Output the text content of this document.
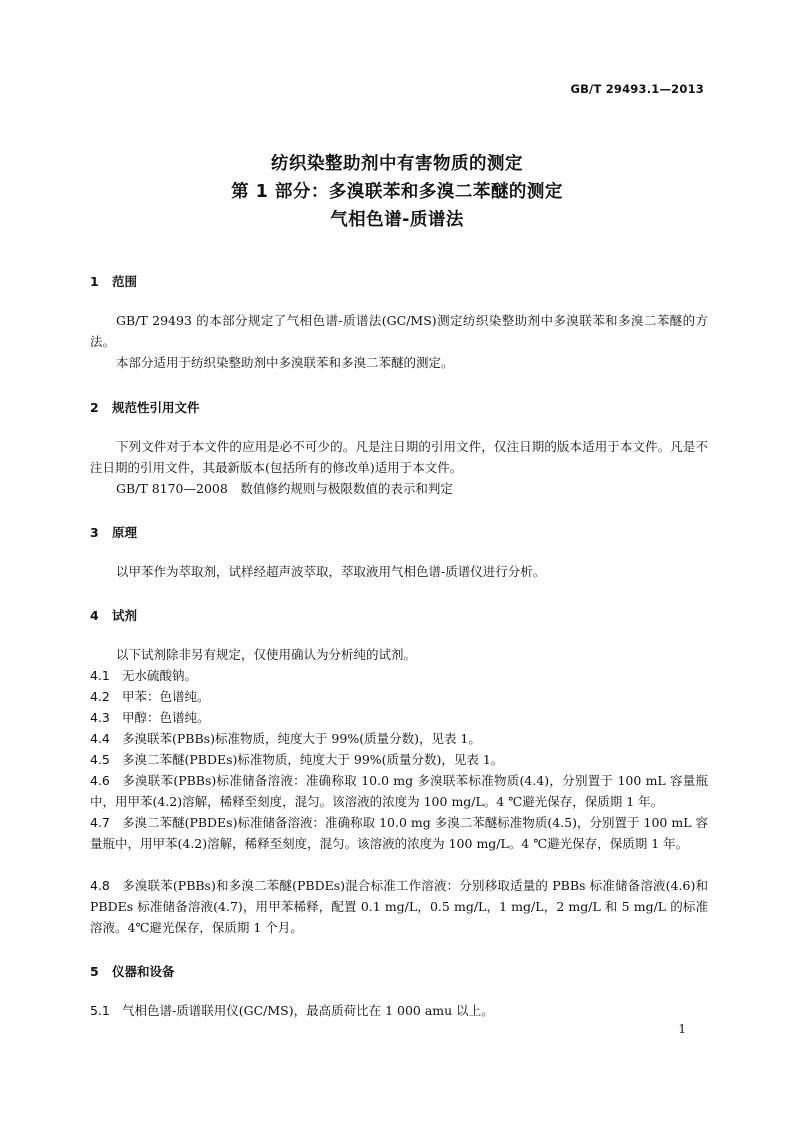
GB/T 29493.1—2013
纺织染整助剂中有害物质的测定
第 1 部分：多溴联苯和多溴二苯醚的测定
气相色谱-质谱法
1 范围
GB/T 29493 的本部分规定了气相色谱-质谱法(GC/MS)测定纺织染整助剂中多溴联苯和多溴二苯醚的方法。
本部分适用于纺织染整助剂中多溴联苯和多溴二苯醚的测定。
2 规范性引用文件
下列文件对于本文件的应用是必不可少的。凡是注日期的引用文件，仅注日期的版本适用于本文件。凡是不注日期的引用文件，其最新版本(包括所有的修改单)适用于本文件。
GB/T 8170—2008　数值修约规则与极限数值的表示和判定
3 原理
以甲苯作为萃取剂，试样经超声波萃取，萃取液用气相色谱-质谱仪进行分析。
4 试剂
以下试剂除非另有规定，仅使用确认为分析纯的试剂。
4.1 无水硫酸钠。
4.2 甲苯：色谱纯。
4.3 甲醇：色谱纯。
4.4 多溴联苯(PBBs)标准物质，纯度大于 99%(质量分数)，见表 1。
4.5 多溴二苯醚(PBDEs)标准物质，纯度大于 99%(质量分数)，见表 1。
4.6 多溴联苯(PBBs)标准储备溶液：准确称取 10.0 mg 多溴联苯标准物质(4.4)，分别置于 100 mL 容量瓶中，用甲苯(4.2)溶解，稀释至刻度，混匀。该溶液的浓度为 100 mg/L。4 ℃避光保存，保质期 1 年。
4.7 多溴二苯醚(PBDEs)标准储备溶液：准确称取 10.0 mg 多溴二苯醚标准物质(4.5)，分别置于 100 mL 容量瓶中，用甲苯(4.2)溶解，稀释至刻度，混匀。该溶液的浓度为 100 mg/L。4 ℃避光保存，保质期 1 年。
4.8 多溴联苯(PBBs)和多溴二苯醚(PBDEs)混合标准工作溶液：分别移取适量的 PBBs 标准储备溶液(4.6)和 PBDEs 标准储备溶液(4.7)，用甲苯稀释，配置 0.1 mg/L，0.5 mg/L，1 mg/L，2 mg/L 和 5 mg/L 的标准溶液。4℃避光保存，保质期 1 个月。
5 仪器和设备
5.1 气相色谱-质谱联用仪(GC/MS)，最高质荷比在 1 000 amu 以上。
1
